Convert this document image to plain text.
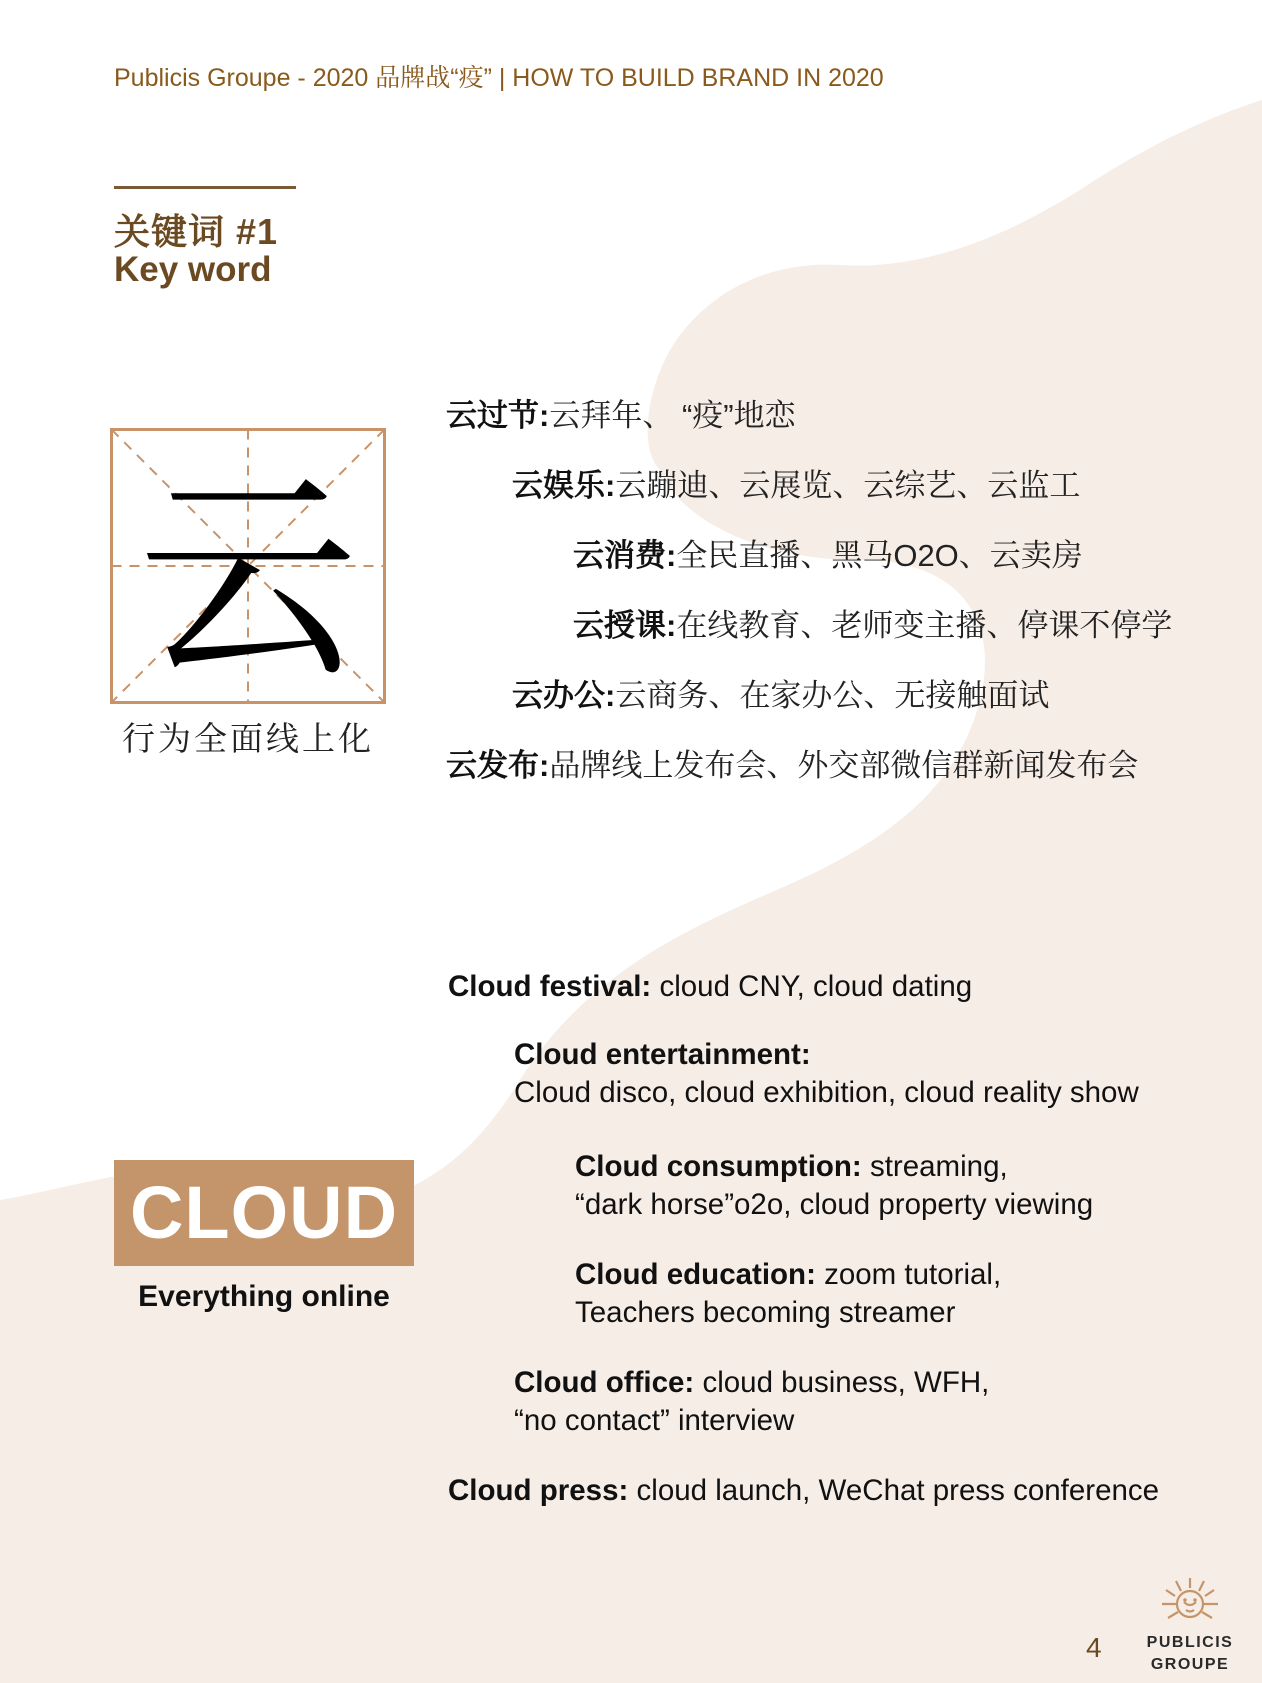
Publicis Groupe - 2020 品牌战“疫” | HOW TO BUILD BRAND IN 2020
关键词 #1
Key word
云
行为全面线上化
云过节:云拜年、 “疫”地恋
云娱乐:云蹦迪、云展览、云综艺、云监工
云消费:全民直播、黑马O2O、云卖房
云授课:在线教育、老师变主播、停课不停学
云办公:云商务、在家办公、无接触面试
云发布:品牌线上发布会、外交部微信群新闻发布会
CLOUD
Everything online
Cloud festival: cloud CNY, cloud dating
Cloud entertainment:
Cloud disco, cloud exhibition, cloud reality show
Cloud consumption: streaming,
“dark horse”o2o, cloud property viewing
Cloud education: zoom tutorial,
Teachers becoming streamer
Cloud office: cloud business, WFH,
“no contact” interview
Cloud press: cloud launch, WeChat press conference
4	PUBLICIS
GROUPE
